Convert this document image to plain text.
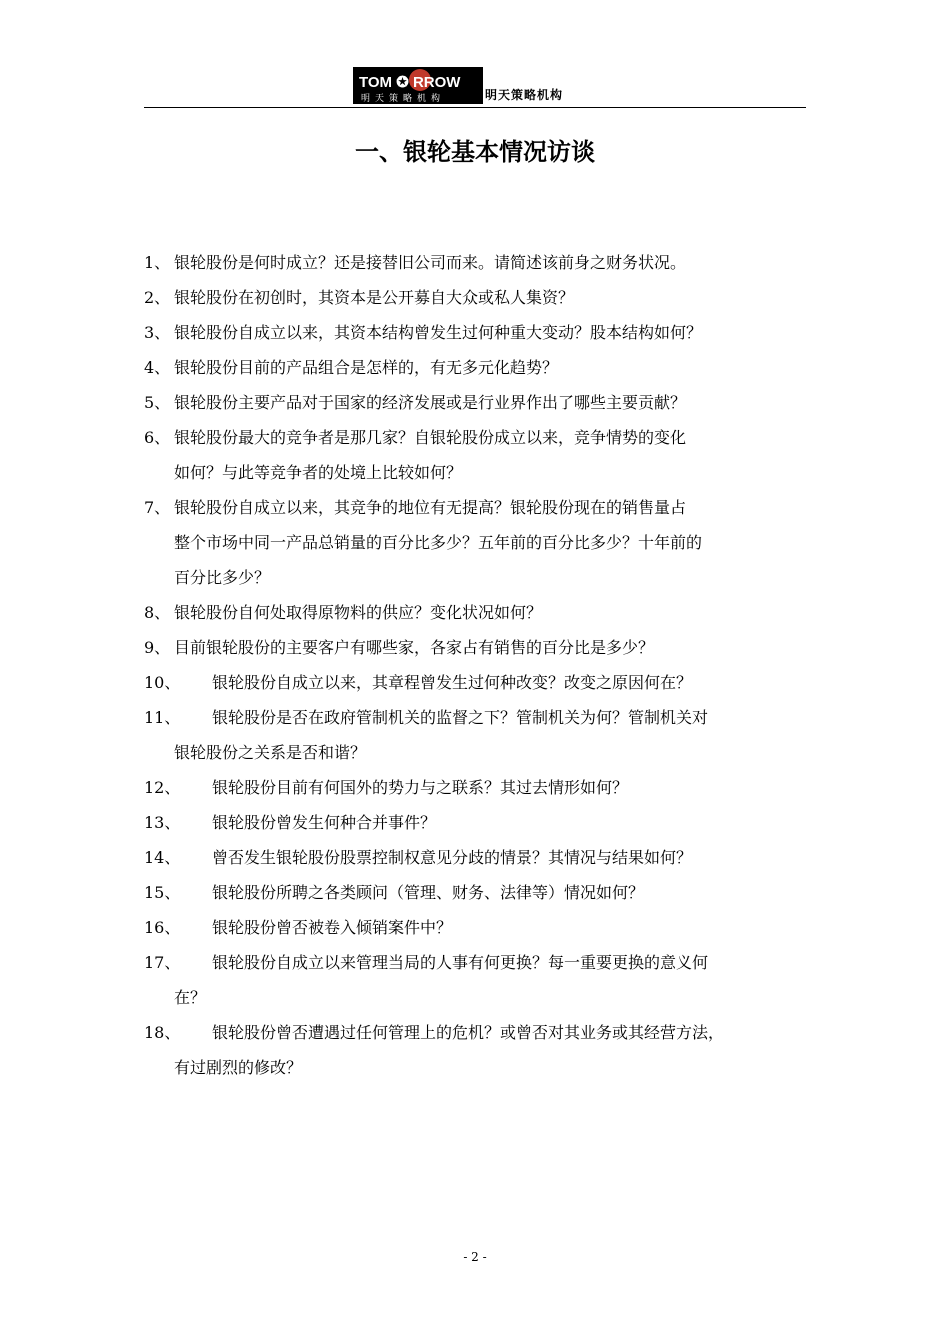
TOM ✪ RROW
明天策略机构	明天策略机构
一、银轮基本情况访谈
1、 银轮股份是何时成立？还是接替旧公司而来。请简述该前身之财务状况。
2、 银轮股份在初创时，其资本是公开募自大众或私人集资？
3、 银轮股份自成立以来，其资本结构曾发生过何种重大变动？股本结构如何？
4、 银轮股份目前的产品组合是怎样的，有无多元化趋势？
5、 银轮股份主要产品对于国家的经济发展或是行业界作出了哪些主要贡献？
6、 银轮股份最大的竞争者是那几家？自银轮股份成立以来，竞争情势的变化
如何？与此等竞争者的处境上比较如何？
7、 银轮股份自成立以来，其竞争的地位有无提高？银轮股份现在的销售量占
整个市场中同一产品总销量的百分比多少？五年前的百分比多少？十年前的
百分比多少？
8、 银轮股份自何处取得原物料的供应？变化状况如何？
9、 目前银轮股份的主要客户有哪些家，各家占有销售的百分比是多少？
10、 银轮股份自成立以来，其章程曾发生过何种改变？改变之原因何在？
11、 银轮股份是否在政府管制机关的监督之下？管制机关为何？管制机关对
银轮股份之关系是否和谐？
12、 银轮股份目前有何国外的势力与之联系？其过去情形如何？
13、 银轮股份曾发生何种合并事件？
14、 曾否发生银轮股份股票控制权意见分歧的情景？其情况与结果如何？
15、 银轮股份所聘之各类顾问（管理、财务、法律等）情况如何？
16、 银轮股份曾否被卷入倾销案件中？
17、 银轮股份自成立以来管理当局的人事有何更换？每一重要更换的意义何
在？
18、 银轮股份曾否遭遇过任何管理上的危机？或曾否对其业务或其经营方法，
有过剧烈的修改？
- 2 -
